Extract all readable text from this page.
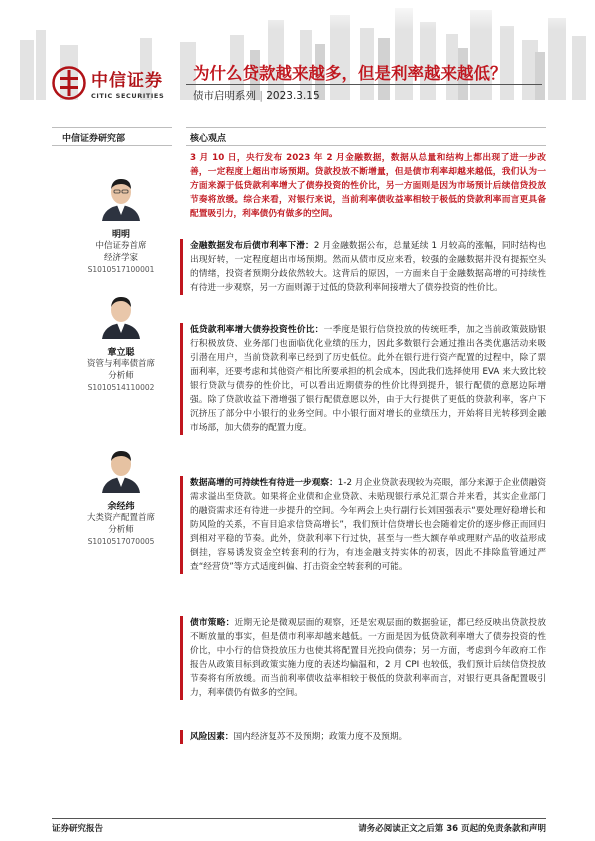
中信证券
CITIC SECURITIES
为什么贷款越来越多，但是利率越来越低？
债市启明系列 | 2023.3.15
中信证券研究部	核心观点
3 月 10 日，央行发布 2023 年 2 月金融数据，数据从总量和结构上都出现了进一步改善，一定程度上超出市场预期。贷款投放不断增量，但是债市利率却越来越低，我们认为一方面来源于低贷款利率增大了债券投资的性价比，另一方面则是因为市场预计后续信贷投放节奏将放缓。综合来看，对银行来说，当前利率债收益率相较于极低的贷款利率而言更具备配置吸引力，利率债仍有做多的空间。
明明
中信证券首席
经济学家
S1010517100001
章立聪
资管与利率债首席
分析师
S1010514110002
余经纬
大类资产配置首席
分析师
S1010517070005
金融数据发布后债市利率下滑：2 月金融数据公布，总量延续 1 月较高的涨幅，同时结构也出现好转，一定程度超出市场预期。然而从债市反应来看，较强的金融数据并没有提振空头的情绪，投资者预期分歧依然较大。这背后的原因，一方面来自于金融数据高增的可持续性有待进一步观察，另一方面则源于过低的贷款利率间接增大了债券投资的性价比。
低贷款利率增大债券投资性价比：一季度是银行信贷投放的传统旺季，加之当前政策鼓励银行积极放贷、业务部门也面临优化业绩的压力，因此多数银行会通过推出各类优惠活动来吸引潜在用户，当前贷款利率已经到了历史低位。此外在银行进行资产配置的过程中，除了票面利率，还要考虑和其他资产相比所要承担的机会成本，因此我们选择使用 EVA 来大致比较银行贷款与债券的性价比，可以看出近期债券的性价比得到提升，银行配债的意愿边际增强。除了贷款收益下滑增强了银行配债意愿以外，由于大行提供了更低的贷款利率，客户下沉挤压了部分中小银行的业务空间。中小银行面对增长的业绩压力，开始将目光转移到金融市场部，加大债券的配置力度。
数据高增的可持续性有待进一步观察：1-2 月企业贷款表现较为亮眼，部分来源于企业债融资需求溢出至贷款。如果将企业债和企业贷款、未贴现银行承兑汇票合并来看，其实企业部门的融资需求还有待进一步提升的空间。今年两会上央行副行长刘国强表示“要处理好稳增长和防风险的关系，不盲目追求信贷高增长”，我们预计信贷增长也会随着定价的逐步修正而回归到相对平稳的节奏。此外，贷款利率下行过快，甚至与一些大额存单或理财产品的收益形成倒挂，容易诱发资金空转套利的行为，有违金融支持实体的初衷，因此不排除监管通过严查“经营贷”等方式适度纠偏、打击资金空转套利的可能。
债市策略：近期无论是微观层面的观察，还是宏观层面的数据验证，都已经反映出贷款投放不断放量的事实，但是债市利率却越来越低。一方面是因为低贷款利率增大了债券投资的性价比，中小行的信贷投放压力也使其将配置目光投向债券；另一方面，考虑到今年政府工作报告从政策目标到政策实施力度的表述均偏温和，2 月 CPI 也较低，我们预计后续信贷投放节奏将有所放缓。而当前利率债收益率相较于极低的贷款利率而言，对银行更具备配置吸引力，利率债仍有做多的空间。
风险因素：国内经济复苏不及预期；政策力度不及预期。
证券研究报告	请务必阅读正文之后第 36 页起的免责条款和声明
